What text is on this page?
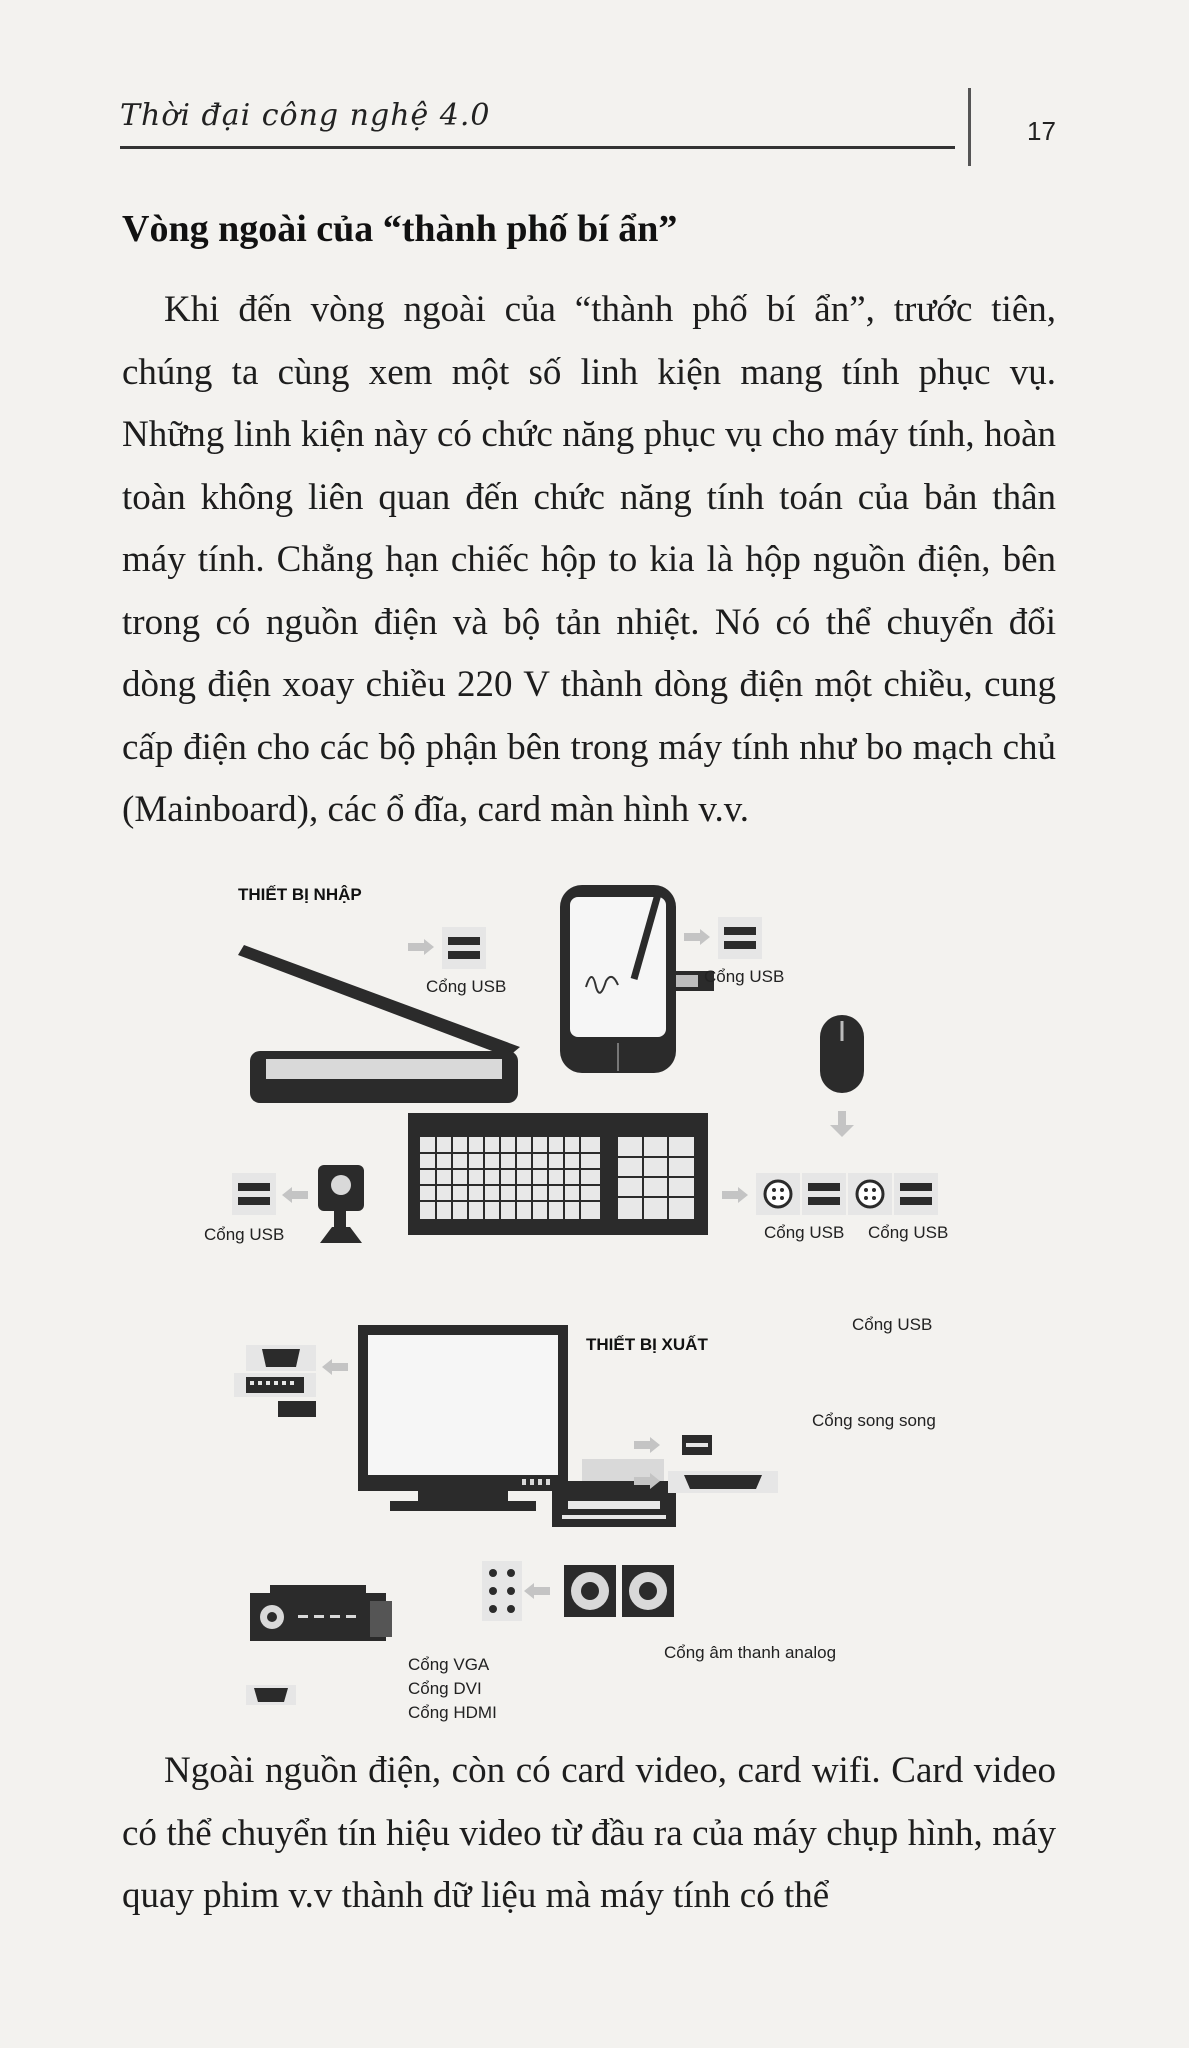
Thời đại công nghệ 4.0	17
Vòng ngoài của “thành phố bí ẩn”

Khi đến vòng ngoài của “thành phố bí ẩn”, trước tiên, chúng ta cùng xem một số linh kiện mang tính phục vụ. Những linh kiện này có chức năng phục vụ cho máy tính, hoàn toàn không liên quan đến chức năng tính toán của bản thân máy tính. Chẳng hạn chiếc hộp to kia là hộp nguồn điện, bên trong có nguồn điện và bộ tản nhiệt. Nó có thể chuyển đổi dòng điện xoay chiều 220 V thành dòng điện một chiều, cung cấp điện cho các bộ phận bên trong máy tính như bo mạch chủ (Mainboard), các ổ đĩa, card màn hình v.v.

THIẾT BỊ NHẬP
THIẾT BỊ XUẤT
Cổng USB
Cổng USB
Cổng USB	Cổng USB Cổng USB
Cổng USB
Cổng song song
Cổng VGA
Cổng DVI
Cổng HDMI
Cổng âm thanh analog

Ngoài nguồn điện, còn có card video, card wifi. Card video có thể chuyển tín hiệu video từ đầu ra của máy chụp hình, máy quay phim v.v thành dữ liệu mà máy tính có thể
